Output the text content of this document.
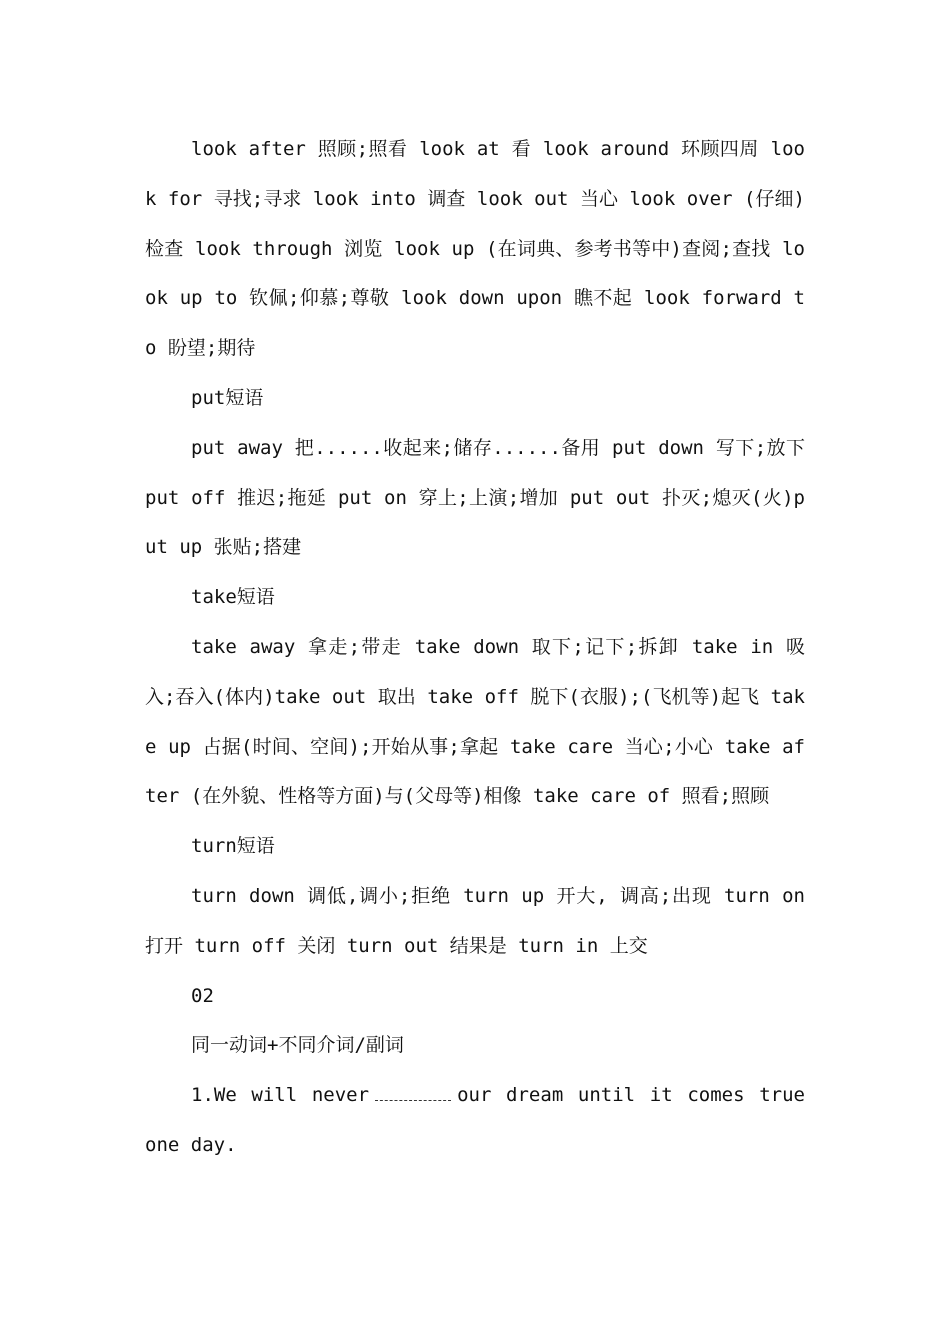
look after 照顾;照看 look at 看 look around 环顾四周 look for 寻找;寻求 look into 调查 look out 当心 look over (仔细)检查 look through 浏览 look up (在词典、参考书等中)查阅;查找 look up to 钦佩;仰慕;尊敬 look down upon 瞧不起 look forward to 盼望;期待

put短语

put away 把......收起来;储存......备用 put down 写下;放下 put off 推迟;拖延 put on 穿上;上演;增加 put out 扑灭;熄灭(火)put up 张贴;搭建

take短语

take away 拿走;带走 take down 取下;记下;拆卸 take in 吸入;吞入(体内)take out 取出 take off 脱下(衣服);(飞机等)起飞 take up 占据(时间、空间);开始从事;拿起 take care 当心;小心 take after (在外貌、性格等方面)与(父母等)相像 take care of 照看;照顾

turn短语

turn down 调低,调小;拒绝 turn up 开大, 调高;出现 turn on 打开 turn off 关闭 turn out 结果是 turn in 上交

02

同一动词+不同介词/副词

1.We will never	our dream until it comes true one day.
